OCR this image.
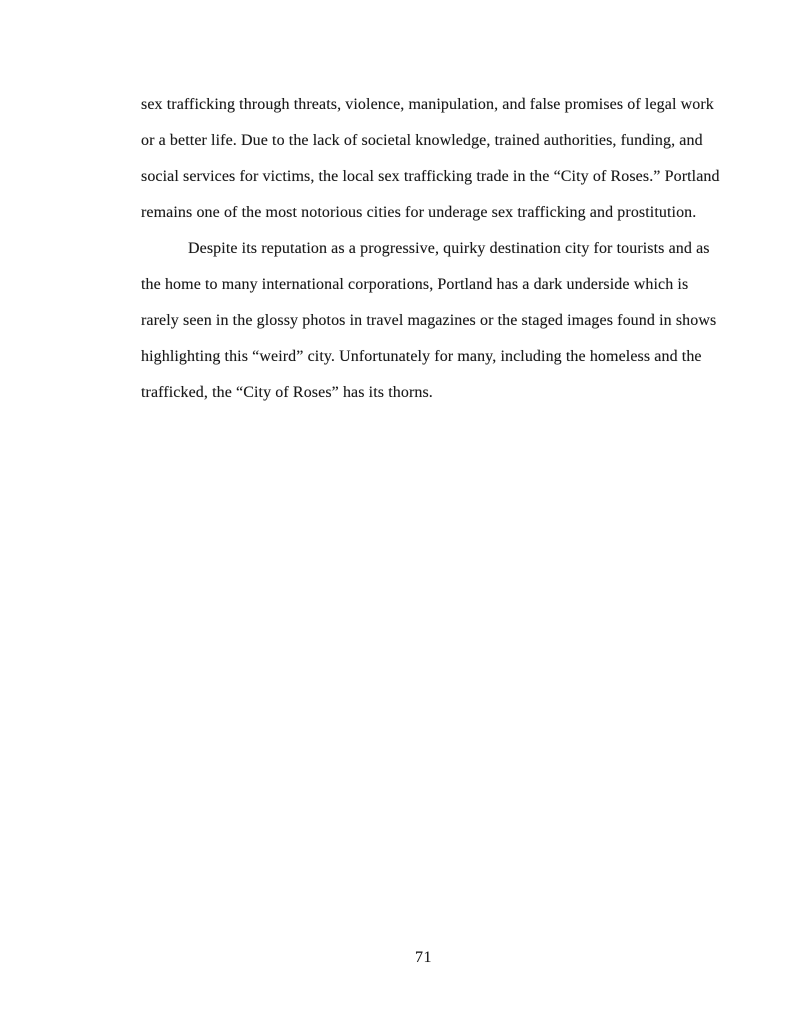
sex trafficking through threats, violence, manipulation, and false promises of legal work
or a better life. Due to the lack of societal knowledge, trained authorities, funding, and
social services for victims, the local sex trafficking trade in the “City of Roses.” Portland
remains one of the most notorious cities for underage sex trafficking and prostitution.
Despite its reputation as a progressive, quirky destination city for tourists and as
the home to many international corporations, Portland has a dark underside which is
rarely seen in the glossy photos in travel magazines or the staged images found in shows
highlighting this “weird” city. Unfortunately for many, including the homeless and the
trafficked, the “City of Roses” has its thorns.
71
